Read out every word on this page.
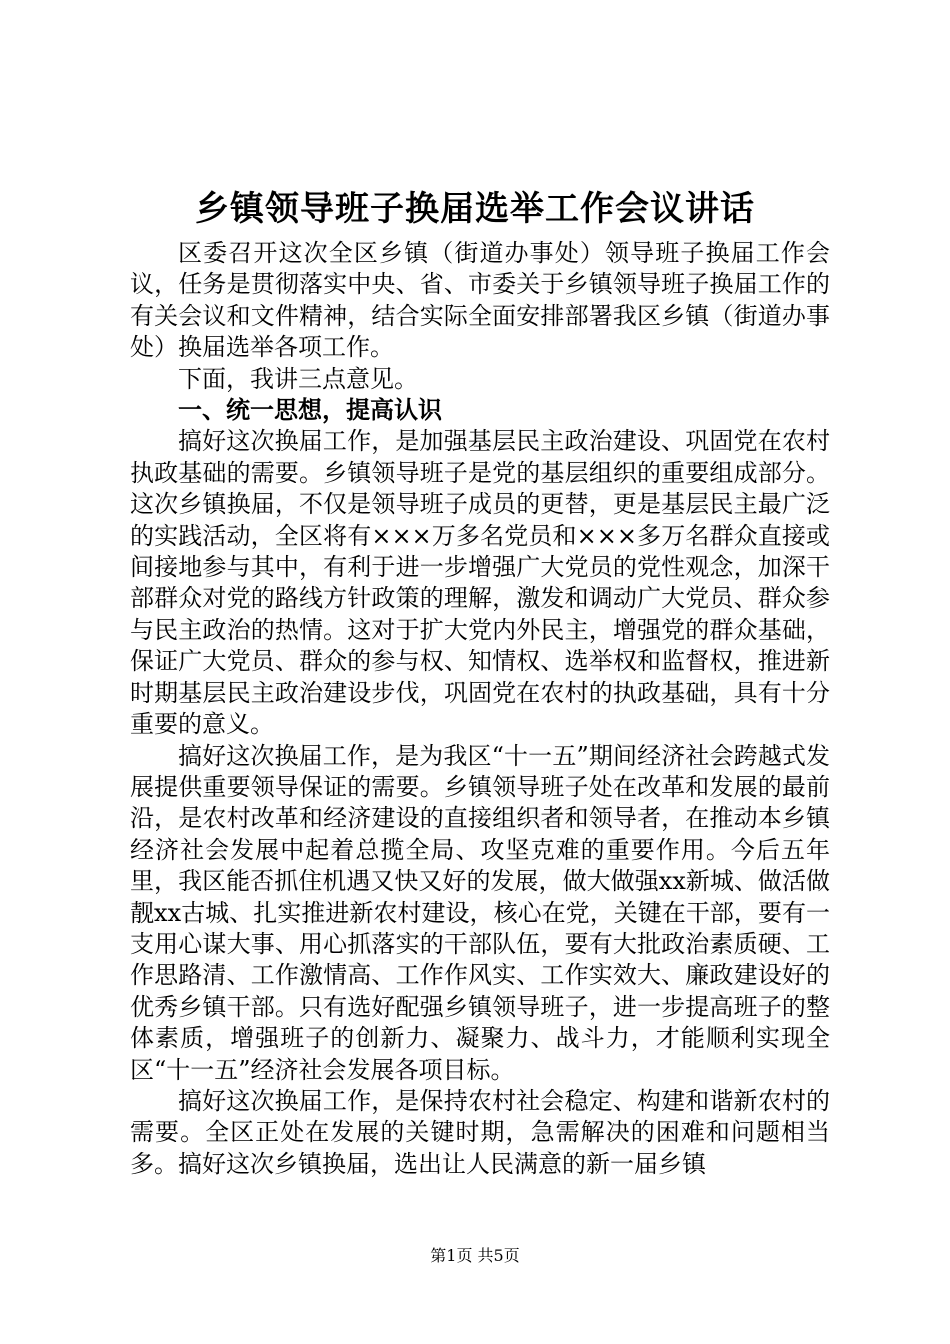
乡镇领导班子换届选举工作会议讲话

区委召开这次全区乡镇（街道办事处）领导班子换届工作会议，任务是贯彻落实中央、省、市委关于乡镇领导班子换届工作的有关会议和文件精神，结合实际全面安排部署我区乡镇（街道办事处）换届选举各项工作。

下面，我讲三点意见。

一、统一思想，提高认识

搞好这次换届工作，是加强基层民主政治建设、巩固党在农村执政基础的需要。乡镇领导班子是党的基层组织的重要组成部分。这次乡镇换届，不仅是领导班子成员的更替，更是基层民主最广泛的实践活动，全区将有×××万多名党员和×××多万名群众直接或间接地参与其中，有利于进一步增强广大党员的党性观念，加深干部群众对党的路线方针政策的理解，激发和调动广大党员、群众参与民主政治的热情。这对于扩大党内外民主，增强党的群众基础，保证广大党员、群众的参与权、知情权、选举权和监督权，推进新时期基层民主政治建设步伐，巩固党在农村的执政基础，具有十分重要的意义。

搞好这次换届工作，是为我区“十一五”期间经济社会跨越式发展提供重要领导保证的需要。乡镇领导班子处在改革和发展的最前沿，是农村改革和经济建设的直接组织者和领导者，在推动本乡镇经济社会发展中起着总揽全局、攻坚克难的重要作用。今后五年里，我区能否抓住机遇又快又好的发展，做大做强xx新城、做活做靓xx古城、扎实推进新农村建设，核心在党，关键在干部，要有一支用心谋大事、用心抓落实的干部队伍，要有大批政治素质硬、工作思路清、工作激情高、工作作风实、工作实效大、廉政建设好的优秀乡镇干部。只有选好配强乡镇领导班子，进一步提高班子的整体素质，增强班子的创新力、凝聚力、战斗力，才能顺利实现全区“十一五”经济社会发展各项目标。

搞好这次换届工作，是保持农村社会稳定、构建和谐新农村的需要。全区正处在发展的关键时期，急需解决的困难和问题相当多。搞好这次乡镇换届，选出让人民满意的新一届乡镇

第1页 共5页
